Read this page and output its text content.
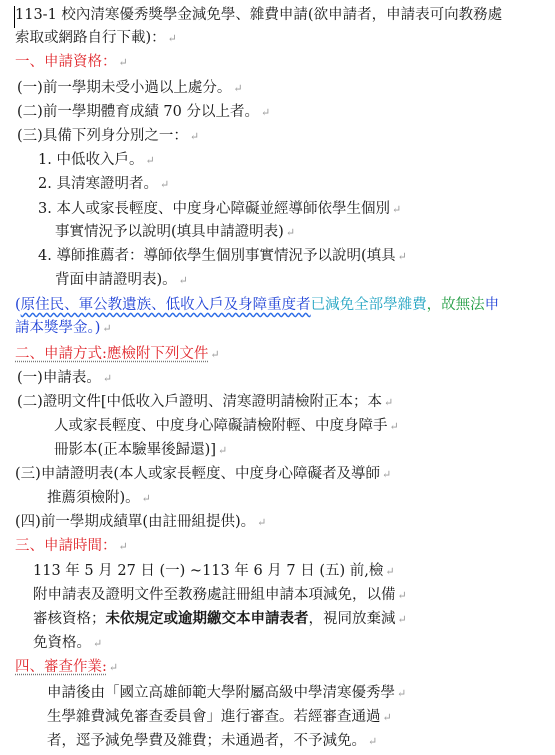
113-1 校內清寒優秀獎學金減免學、雜費申請(欲申請者，申請表可向教務處
索取或網路自行下載)： ↵
一、申請資格： ↵
(一)前一學期未受小過以上處分。 ↵
(二)前一學期體育成績 70 分以上者。 ↵
(三)具備下列身分別之一： ↵
1. 中低收入戶。 ↵
2. 具清寒證明者。 ↵
3. 本人或家長輕度、中度身心障礙並經導師依學生個別 ↵
事實情況予以說明(填具申請證明表) ↵
4. 導師推薦者：導師依學生個別事實情況予以說明(填具 ↵
背面申請證明表)。 ↵
(原住民、軍公教遺族、低收入戶及身障重度者已減免全部學雜費，故無法申
請本獎學金。) ↵
二、申請方式:應檢附下列文件 ↵
(一)申請表。 ↵
(二)證明文件[中低收入戶證明、清寒證明請檢附正本；本 ↵
人或家長輕度、中度身心障礙請檢附輕、中度身障手 ↵
冊影本(正本驗畢後歸還)] ↵
(三)申請證明表(本人或家長輕度、中度身心障礙者及導師 ↵
推薦須檢附)。 ↵
(四)前一學期成績單(由註冊組提供)。 ↵
三、申請時間： ↵
113 年 5 月 27 日 (一) ~113 年 6 月 7 日 (五) 前,檢 ↵
附申請表及證明文件至教務處註冊組申請本項減免，以備 ↵
審核資格；未依規定或逾期繳交本申請表者，視同放棄減 ↵
免資格。 ↵
四、審查作業: ↵
申請後由「國立高雄師範大學附屬高級中學清寒優秀學 ↵
生學雜費減免審查委員會」進行審查。若經審查通過 ↵
者，逕予減免學費及雜費；未通過者，不予減免。 ↵
